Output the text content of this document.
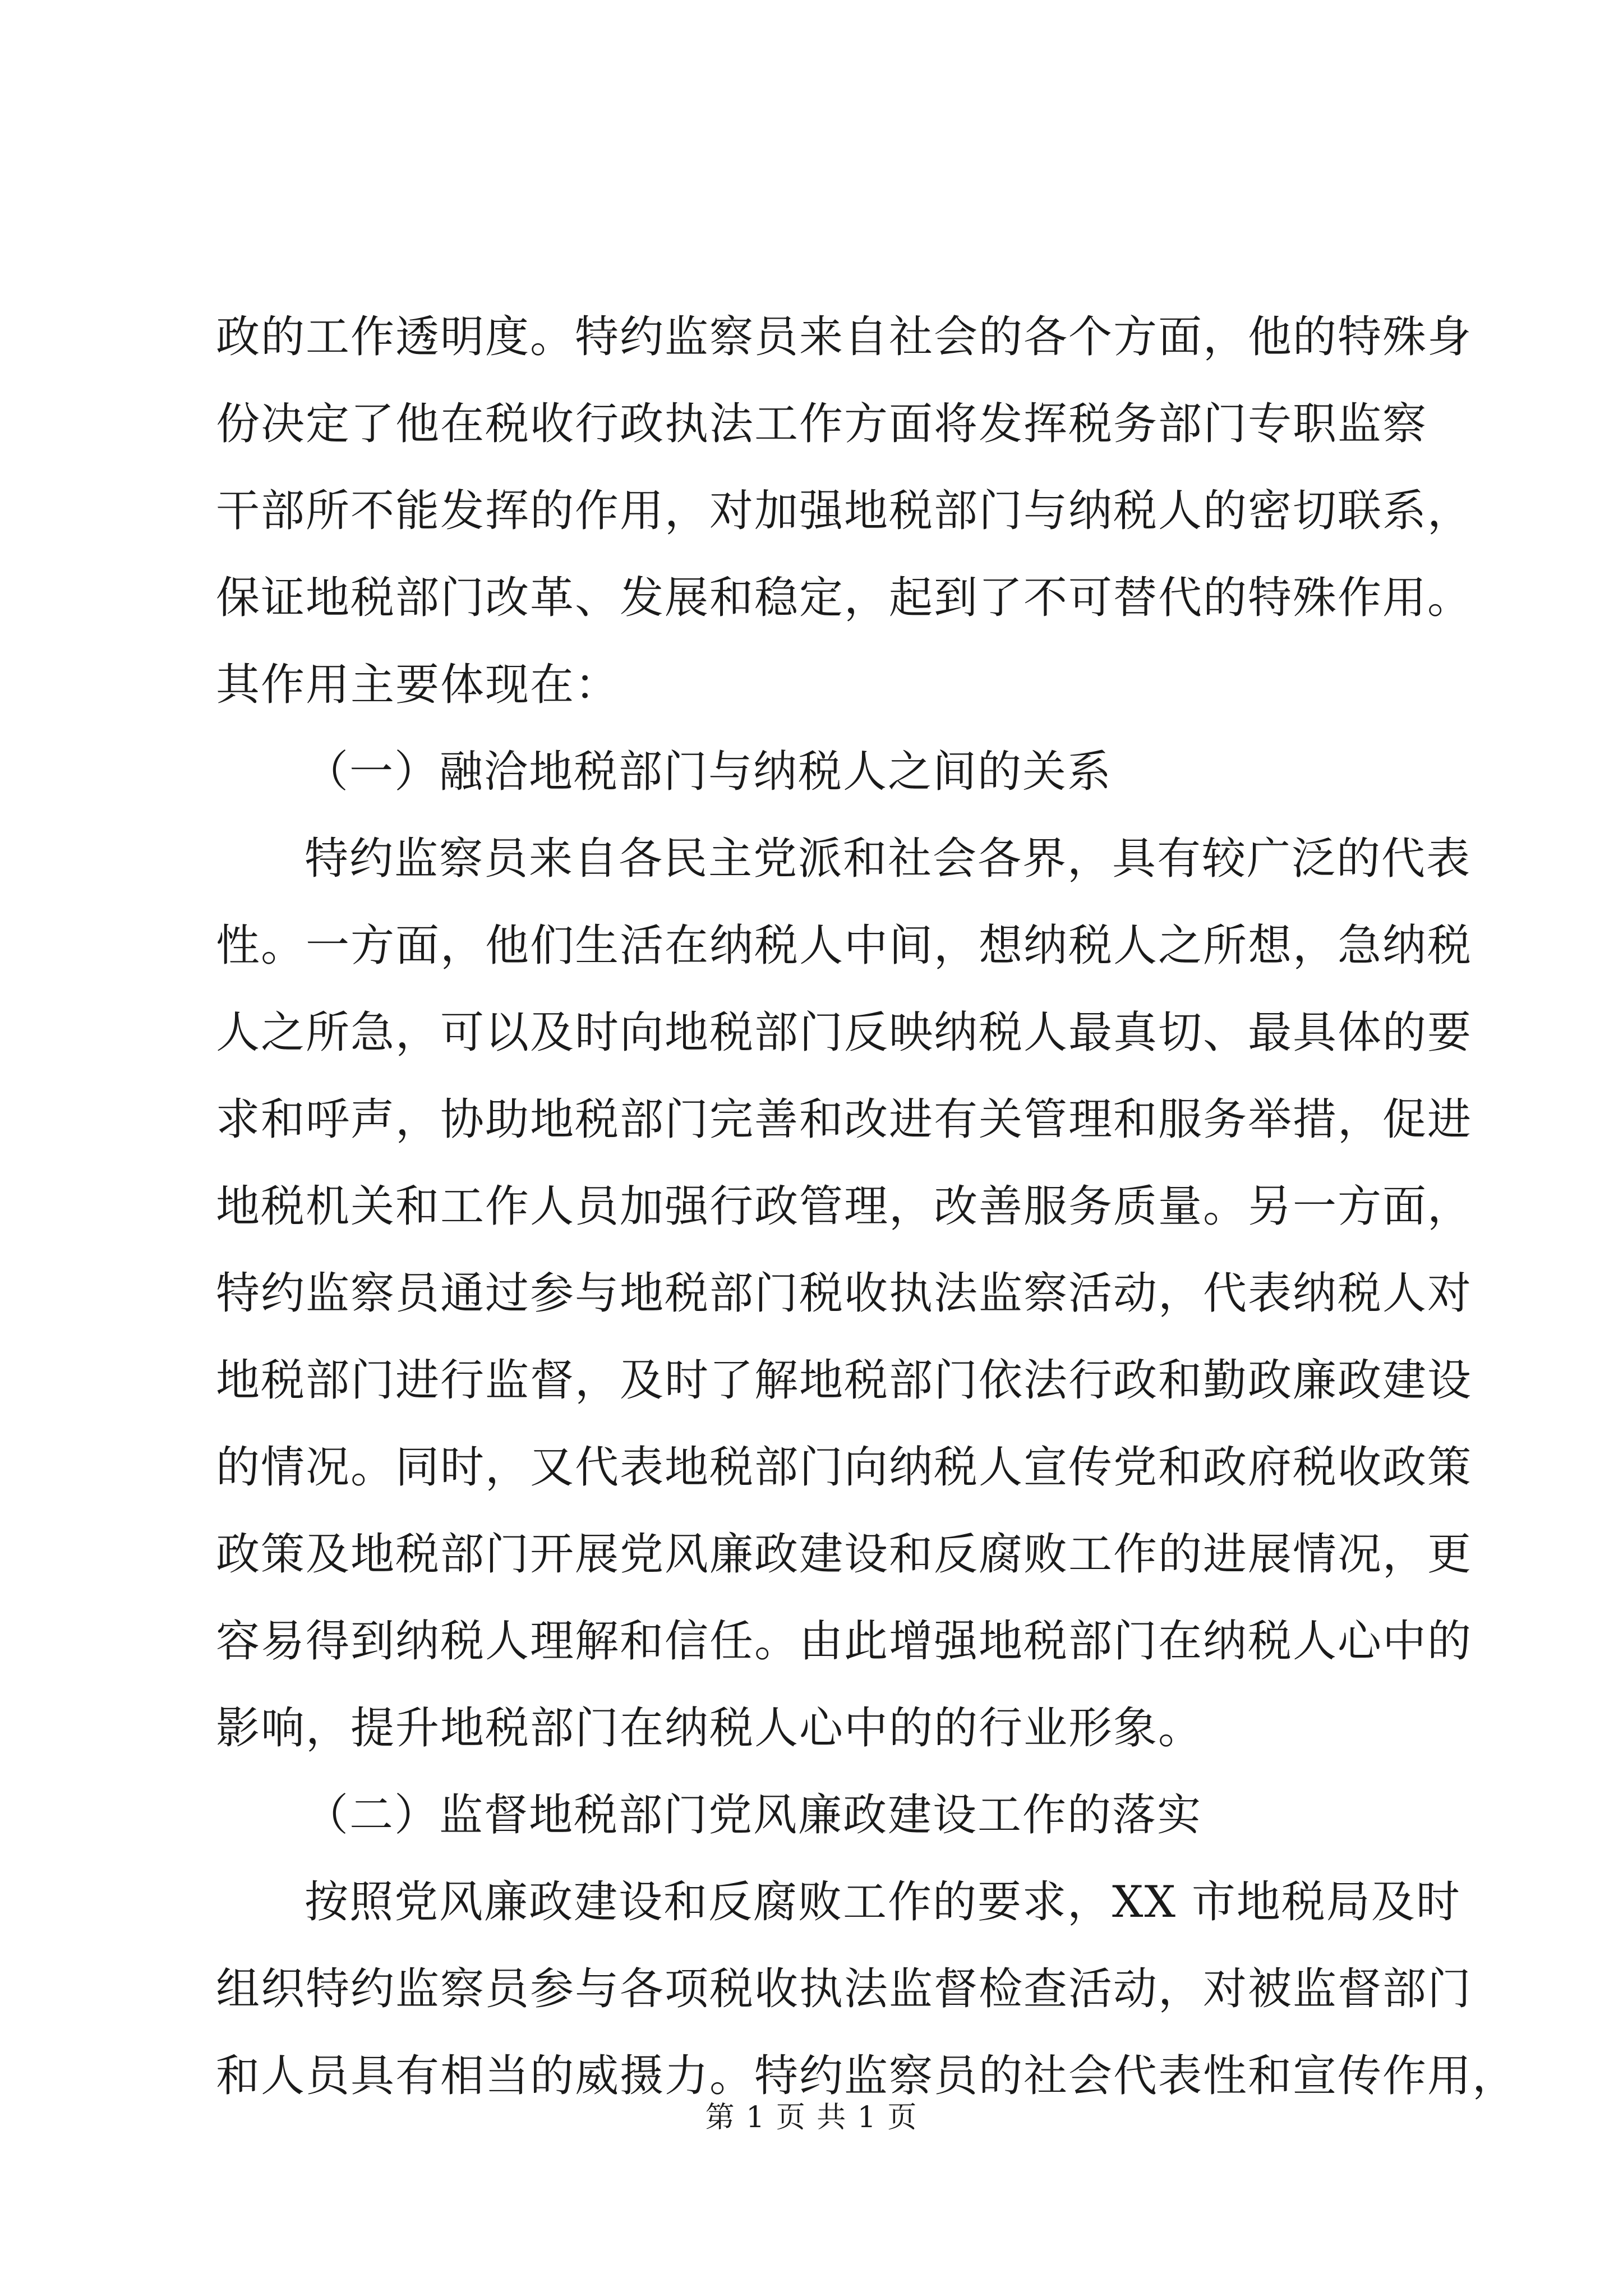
政的工作透明度。特约监察员来自社会的各个方面，他的特殊身
份决定了他在税收行政执法工作方面将发挥税务部门专职监察
干部所不能发挥的作用，对加强地税部门与纳税人的密切联系，
保证地税部门改革、发展和稳定，起到了不可替代的特殊作用。
其作用主要体现在：
（一）融洽地税部门与纳税人之间的关系
特约监察员来自各民主党派和社会各界，具有较广泛的代表
性。一方面，他们生活在纳税人中间，想纳税人之所想，急纳税
人之所急，可以及时向地税部门反映纳税人最真切、最具体的要
求和呼声，协助地税部门完善和改进有关管理和服务举措，促进
地税机关和工作人员加强行政管理，改善服务质量。另一方面，
特约监察员通过参与地税部门税收执法监察活动，代表纳税人对
地税部门进行监督，及时了解地税部门依法行政和勤政廉政建设
的情况。同时，又代表地税部门向纳税人宣传党和政府税收政策
政策及地税部门开展党风廉政建设和反腐败工作的进展情况，更
容易得到纳税人理解和信任。由此增强地税部门在纳税人心中的
影响，提升地税部门在纳税人心中的的行业形象。
（二）监督地税部门党风廉政建设工作的落实
按照党风廉政建设和反腐败工作的要求，XX 市地税局及时
组织特约监察员参与各项税收执法监督检查活动，对被监督部门
和人员具有相当的威摄力。特约监察员的社会代表性和宣传作用，
第 1 页 共 1 页
